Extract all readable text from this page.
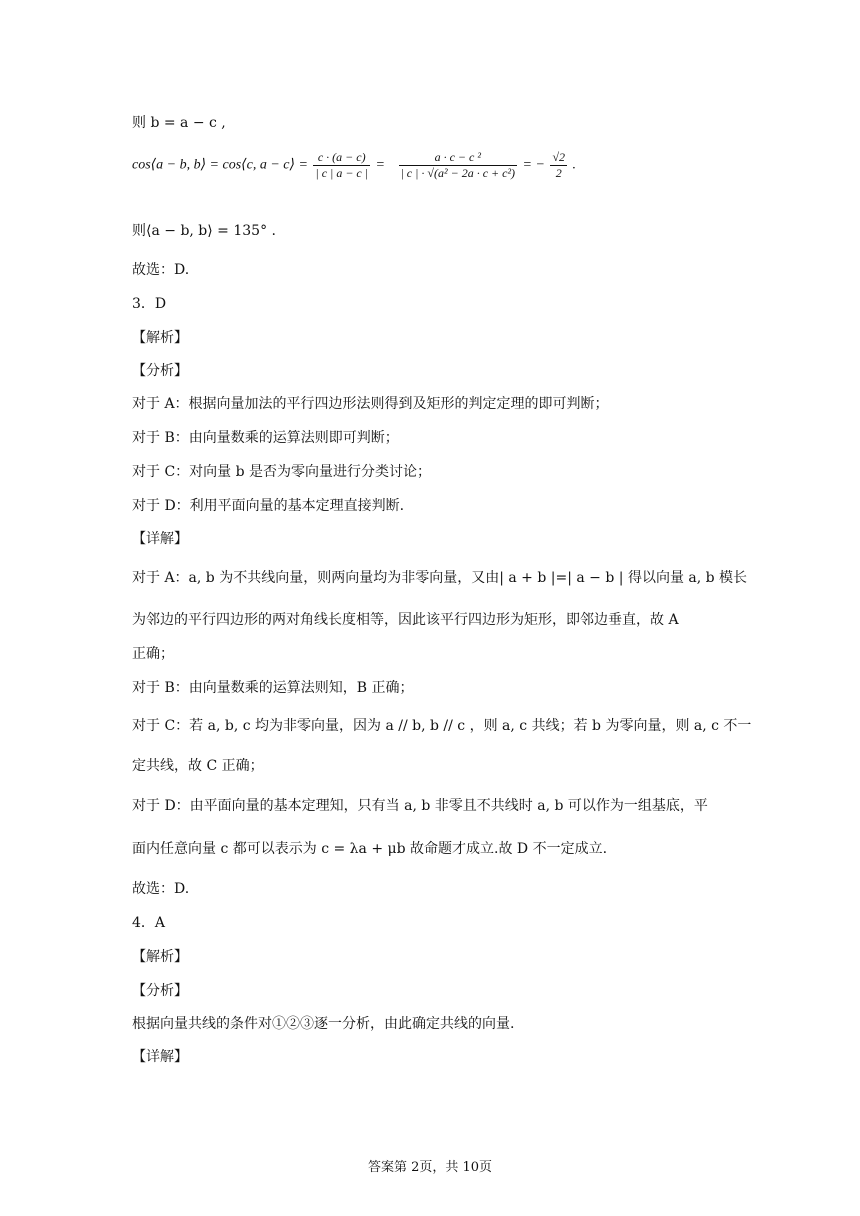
则 b = a − c ,
cos⟨a − b, b⟩ = cos⟨c, a − c⟩ = $\frac{c \cdot (a - c)}{| c | a - c |} = \frac{\text{a · c − c ²}}{\text{| c | · √(a² − 2a · c + c²)}}$ = − $\frac{√2}{2}$ .
则⟨a − b, b⟩ = 135° .
故选：D.
3．D
【解析】
【分析】
对于 A：根据向量加法的平行四边形法则得到及矩形的判定定理的即可判断；
对于 B：由向量数乘的运算法则即可判断；
对于 C：对向量 b 是否为零向量进行分类讨论；
对于 D：利用平面向量的基本定理直接判断.
【详解】
对于 A：a, b 为不共线向量，则两向量均为非零向量，又由| a + b |=| a − b | 得以向量 a, b 模长
为邻边的平行四边形的两对角线长度相等，因此该平行四边形为矩形，即邻边垂直，故 A
正确；
对于 B：由向量数乘的运算法则知，B 正确；
对于 C：若 a, b, c 均为非零向量，因为 a // b, b // c ，则 a, c 共线；若 b 为零向量，则 a, c 不一
定共线，故 C 正确；
对于 D：由平面向量的基本定理知，只有当 a, b 非零且不共线时 a, b 可以作为一组基底，平
面内任意向量 c 都可以表示为 c = λa + μb 故命题才成立.故 D 不一定成立.
故选：D.
4．A
【解析】
【分析】
根据向量共线的条件对①②③逐一分析，由此确定共线的向量.
【详解】
答案第 2页，共 10页
